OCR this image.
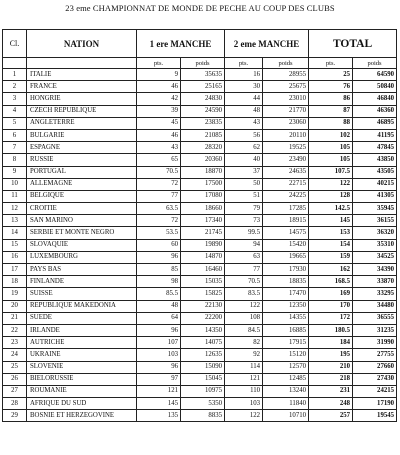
23 eme CHAMPIONNAT DE MONDE DE PECHE AU COUP DES CLUBS
Cl.	NATION	1 ere MANCHE		2 eme MANCHE		TOTAL	
		pts.	poids	pts.	poids	pts.	poids
1	ITALIE	9	35635	16	28955	25	64590
2	FRANCE	46	25165	30	25675	76	50840
3	HONGRIE	42	24830	44	23010	86	46840
4	CZECH REPUBLIQUE	39	24590	48	21770	87	46360
5	ANGLETERRE	45	23835	43	23060	88	46895
6	BULGARIE	46	21085	56	20110	102	41195
7	ESPAGNE	43	28320	62	19525	105	47845
8	RUSSIE	65	20360	40	23490	105	43850
9	PORTUGAL	70.5	18870	37	24635	107.5	43505
10	ALLEMAGNE	72	17500	50	22715	122	40215
11	BELGIQUE	77	17080	51	24225	128	41305
12	CROITIE	63.5	18660	79	17285	142.5	35945
13	SAN MARINO	72	17340	73	18915	145	36155
14	SERBIE ET MONTE NEGRO	53.5	21745	99.5	14575	153	36320
15	SLOVAQUIE	60	19890	94	15420	154	35310
16	LUXEMBOURG	96	14870	63	19665	159	34525
17	PAYS BAS	85	16460	77	17930	162	34390
18	FINLANDE	98	15035	70.5	18835	168.5	33870
19	SUISSE	85.5	15825	83.5	17470	169	33295
20	REPUBLIQUE MAKEDONIA	48	22130	122	12350	170	34480
21	SUEDE	64	22200	108	14355	172	36555
22	IRLANDE	96	14350	84.5	16885	180.5	31235
23	AUTRICHE	107	14075	82	17915	184	31990
24	UKRAINE	103	12635	92	15120	195	27755
25	SLOVENIE	96	15090	114	12570	210	27660
26	BIELORUSSIE	97	15045	121	12485	218	27430
27	ROUMANIE	121	10975	110	13240	231	24215
28	AFRIQUE DU SUD	145	5350	103	11840	248	17190
29	BOSNIE ET HERZEGOVINE	135	8835	122	10710	257	19545
